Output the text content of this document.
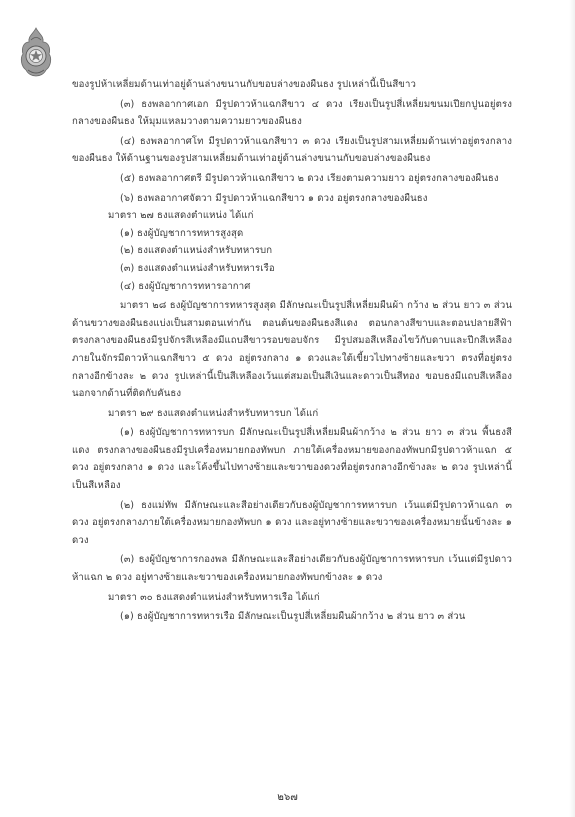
ของรูปห้าเหลี่ยมด้านเท่าอยู่ด้านล่างขนานกับขอบล่างของผืนธง รูปเหล่านี้เป็นสีขาว

(๓) ธงพลอากาศเอก มีรูปดาวห้าแฉกสีขาว ๔ ดวง เรียงเป็นรูปสี่เหลี่ยมขนมเปียกปูนอยู่ตรงกลางของผืนธง ให้มุมแหลมวางตามความยาวของผืนธง

(๔) ธงพลอากาศโท มีรูปดาวห้าแฉกสีขาว ๓ ดวง เรียงเป็นรูปสามเหลี่ยมด้านเท่าอยู่ตรงกลางของผืนธง ให้ด้านฐานของรูปสามเหลี่ยมด้านเท่าอยู่ด้านล่างขนานกับขอบล่างของผืนธง

(๕) ธงพลอากาศตรี มีรูปดาวห้าแฉกสีขาว ๒ ดวง เรียงตามความยาว อยู่ตรงกลางของผืนธง

(๖) ธงพลอากาศจัตวา มีรูปดาวห้าแฉกสีขาว ๑ ดวง อยู่ตรงกลางของผืนธง

มาตรา ๒๗ ธงแสดงตำแหน่ง ได้แก่

(๑) ธงผู้บัญชาการทหารสูงสุด

(๒) ธงแสดงตำแหน่งสำหรับทหารบก

(๓) ธงแสดงตำแหน่งสำหรับทหารเรือ

(๔) ธงผู้บัญชาการทหารอากาศ

มาตรา ๒๘ ธงผู้บัญชาการทหารสูงสุด มีลักษณะเป็นรูปสี่เหลี่ยมผืนผ้า กว้าง ๒ ส่วน ยาว ๓ ส่วน ด้านขวางของผืนธงแบ่งเป็นสามตอนเท่ากัน ตอนต้นของผืนธงสีแดง ตอนกลางสีขาบและตอนปลายสีฟ้า ตรงกลางของผืนธงมีรูปจักรสีเหลืองมีแถบสีขาวรอบขอบจักร มีรูปสมอสีเหลืองไขว้กับดาบและปีกสีเหลือง ภายในจักรมีดาวห้าแฉกสีขาว ๕ ดวง อยู่ตรงกลาง ๑ ดวงและใต้เขี้ยวไปทางซ้ายและขวา ตรงที่อยู่ตรงกลางอีกข้างละ ๒ ดวง รูปเหล่านี้เป็นสีเหลืองเว้นแต่สมอเป็นสีเงินและดาวเป็นสีทอง ขอบธงมีแถบสีเหลืองนอกจากด้านที่ติดกับคันธง

มาตรา ๒๙ ธงแสดงตำแหน่งสำหรับทหารบก ได้แก่

(๑) ธงผู้บัญชาการทหารบก มีลักษณะเป็นรูปสี่เหลี่ยมผืนผ้ากว้าง ๒ ส่วน ยาว ๓ ส่วน พื้นธงสีแดง ตรงกลางของผืนธงมีรูปเครื่องหมายกองทัพบก ภายใต้เครื่องหมายของกองทัพบกมีรูปดาวห้าแฉก ๕ ดวง อยู่ตรงกลาง ๑ ดวง และโค้งขึ้นไปทางซ้ายและขวาของดวงที่อยู่ตรงกลางอีกข้างละ ๒ ดวง รูปเหล่านี้เป็นสีเหลือง

(๒) ธงแม่ทัพ มีลักษณะและสีอย่างเดียวกับธงผู้บัญชาการทหารบก เว้นแต่มีรูปดาวห้าแฉก ๓ ดวง อยู่ตรงกลางภายใต้เครื่องหมายกองทัพบก ๑ ดวง และอยู่ทางซ้ายและขวาของเครื่องหมายนั้นข้างละ ๑ ดวง

(๓) ธงผู้บัญชาการกองพล มีลักษณะและสีอย่างเดียวกับธงผู้บัญชาการทหารบก เว้นแต่มีรูปดาวห้าแฉก ๒ ดวง อยู่ทางซ้ายและขวาของเครื่องหมายกองทัพบกข้างละ ๑ ดวง

มาตรา ๓๐ ธงแสดงตำแหน่งสำหรับทหารเรือ ได้แก่

(๑) ธงผู้บัญชาการทหารเรือ มีลักษณะเป็นรูปสี่เหลี่ยมผืนผ้ากว้าง ๒ ส่วน ยาว ๓ ส่วน

๒๖๗
